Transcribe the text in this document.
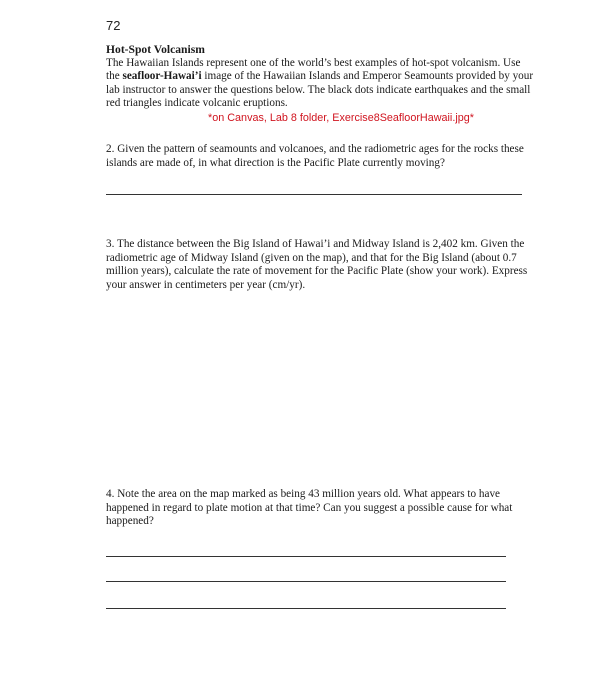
72
Hot-Spot Volcanism
The Hawaiian Islands represent one of the world’s best examples of hot-spot volcanism. Use the seafloor-Hawai’i image of the Hawaiian Islands and Emperor Seamounts provided by your lab instructor to answer the questions below. The black dots indicate earthquakes and the small red triangles indicate volcanic eruptions.
*on Canvas, Lab 8 folder, Exercise8SeafloorHawaii.jpg*
2. Given the pattern of seamounts and volcanoes, and the radiometric ages for the rocks these islands are made of, in what direction is the Pacific Plate currently moving?
3. The distance between the Big Island of Hawai’i and Midway Island is 2,402 km. Given the radiometric age of Midway Island (given on the map), and that for the Big Island (about 0.7 million years), calculate the rate of movement for the Pacific Plate (show your work). Express your answer in centimeters per year (cm/yr).
4. Note the area on the map marked as being 43 million years old. What appears to have happened in regard to plate motion at that time? Can you suggest a possible cause for what happened?
